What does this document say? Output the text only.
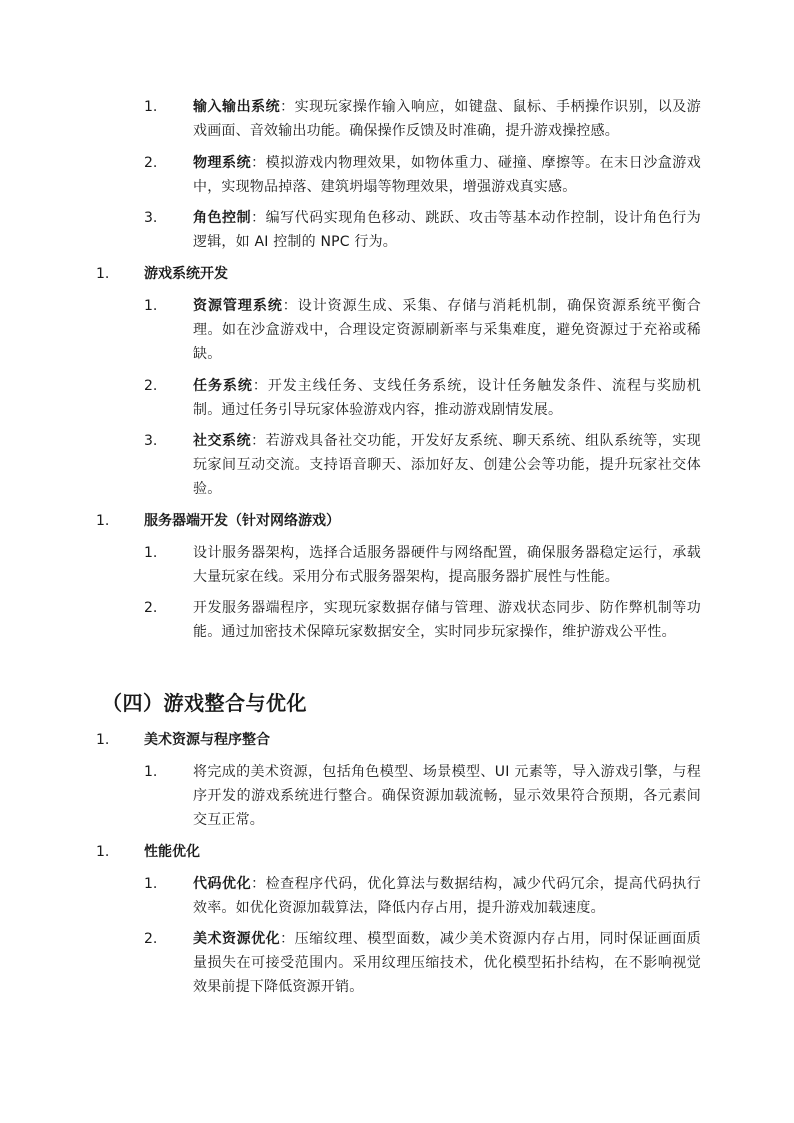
（四）游戏整合与优化
1.	输入输出系统：实现玩家操作输入响应，如键盘、鼠标、手柄操作识别，以及游戏画面、音效输出功能。确保操作反馈及时准确，提升游戏操控感。
2.	物理系统：模拟游戏内物理效果，如物体重力、碰撞、摩擦等。在末日沙盒游戏中，实现物品掉落、建筑坍塌等物理效果，增强游戏真实感。
3.	角色控制：编写代码实现角色移动、跳跃、攻击等基本动作控制，设计角色行为逻辑，如 AI 控制的 NPC 行为。
1. 游戏系统开发
1.	资源管理系统：设计资源生成、采集、存储与消耗机制，确保资源系统平衡合理。如在沙盒游戏中，合理设定资源刷新率与采集难度，避免资源过于充裕或稀缺。
2.	任务系统：开发主线任务、支线任务系统，设计任务触发条件、流程与奖励机制。通过任务引导玩家体验游戏内容，推动游戏剧情发展。
3.	社交系统：若游戏具备社交功能，开发好友系统、聊天系统、组队系统等，实现玩家间互动交流。支持语音聊天、添加好友、创建公会等功能，提升玩家社交体验。
1. 服务器端开发（针对网络游戏）
1.	设计服务器架构，选择合适服务器硬件与网络配置，确保服务器稳定运行，承载大量玩家在线。采用分布式服务器架构，提高服务器扩展性与性能。
2.	开发服务器端程序，实现玩家数据存储与管理、游戏状态同步、防作弊机制等功能。通过加密技术保障玩家数据安全，实时同步玩家操作，维护游戏公平性。
1. 美术资源与程序整合
1.	将完成的美术资源，包括角色模型、场景模型、UI 元素等，导入游戏引擎，与程序开发的游戏系统进行整合。确保资源加载流畅，显示效果符合预期，各元素间交互正常。
1. 性能优化
1.	代码优化：检查程序代码，优化算法与数据结构，减少代码冗余，提高代码执行效率。如优化资源加载算法，降低内存占用，提升游戏加载速度。
2.	美术资源优化：压缩纹理、模型面数，减少美术资源内存占用，同时保证画面质量损失在可接受范围内。采用纹理压缩技术，优化模型拓扑结构，在不影响视觉效果前提下降低资源开销。
